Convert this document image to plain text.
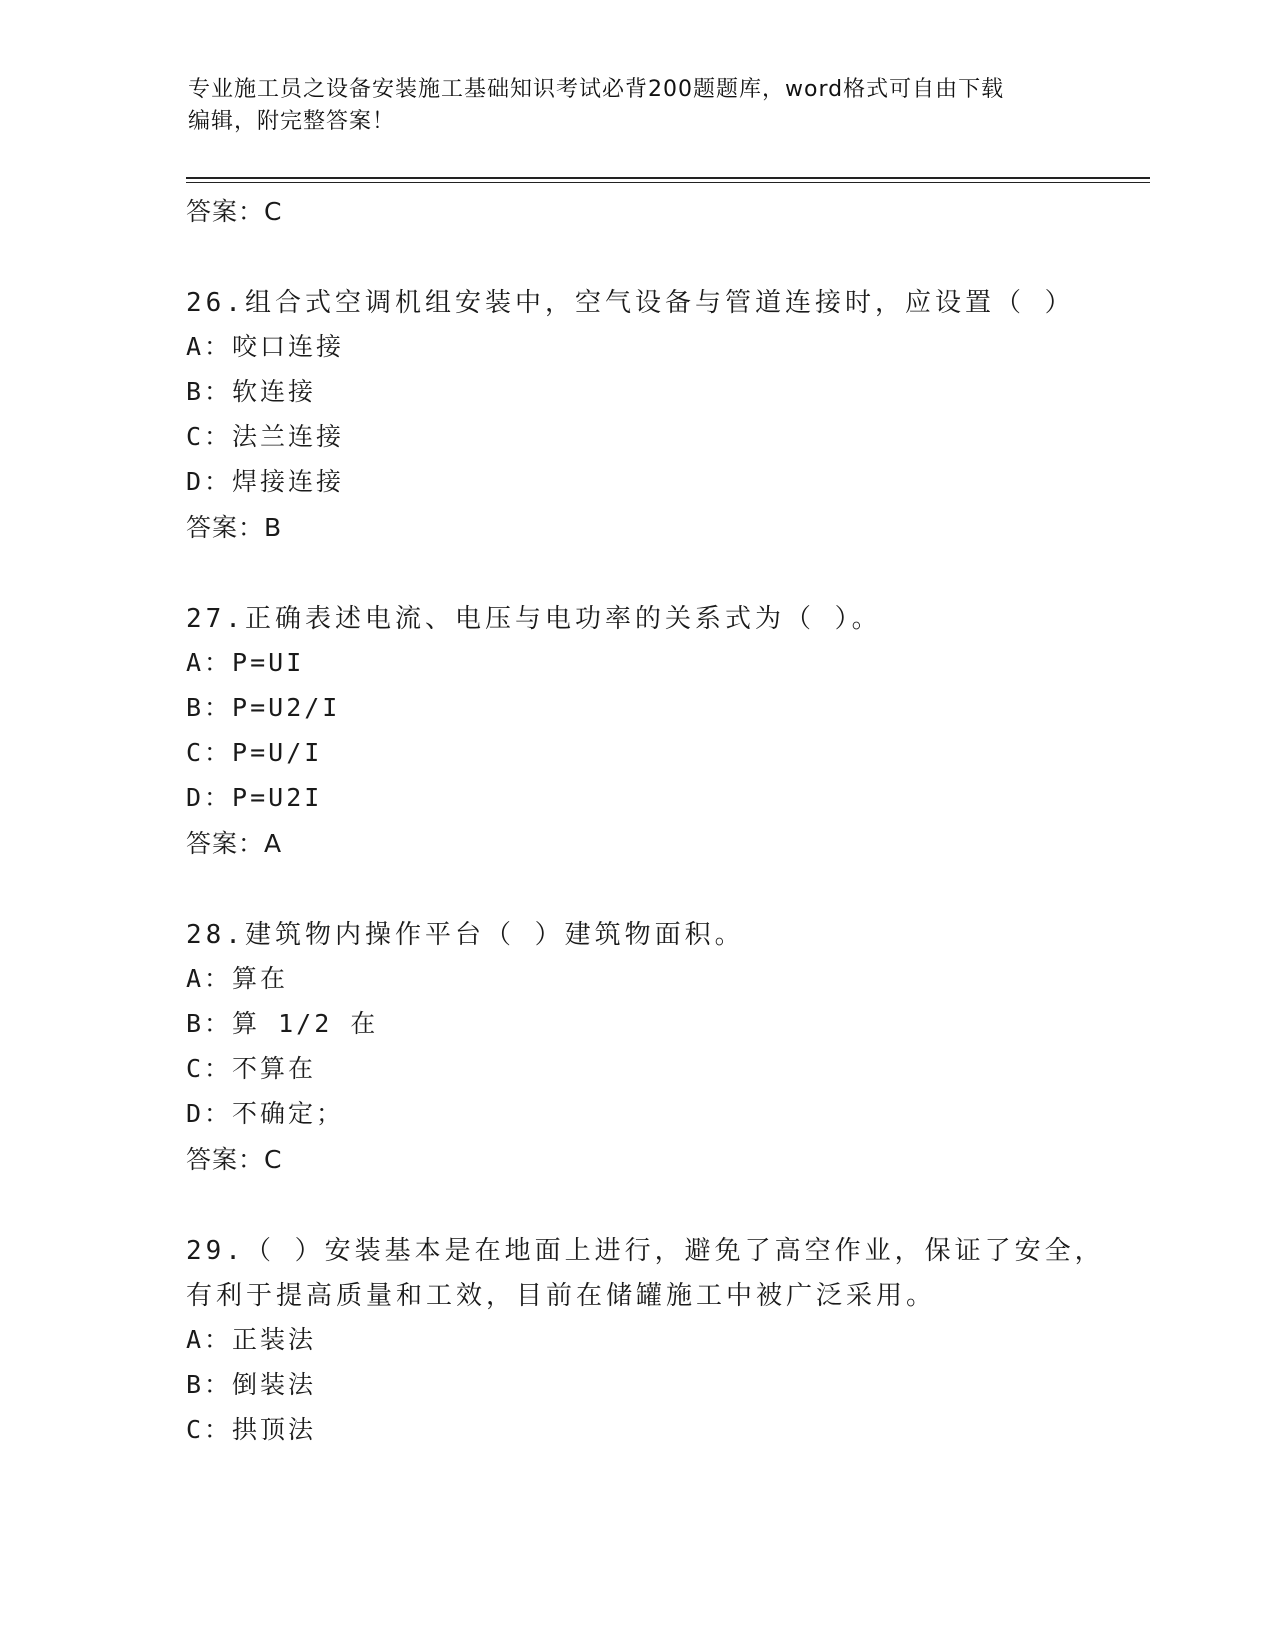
专业施工员之设备安装施工基础知识考试必背200题题库，word格式可自由下载
编辑，附完整答案！
答案：C
26.组合式空调机组安装中，空气设备与管道连接时，应设置（ ）
A：咬口连接
B：软连接
C：法兰连接
D：焊接连接
答案：B
27.正确表述电流、电压与电功率的关系式为（ ）。
A：P=UI
B：P=U2/I
C：P=U/I
D：P=U2I
答案：A
28.建筑物内操作平台（ ）建筑物面积。
A：算在
B：算 1/2 在
C：不算在
D：不确定；
答案：C
29.（ ）安装基本是在地面上进行，避免了高空作业，保证了安全，
有利于提高质量和工效，目前在储罐施工中被广泛采用。
A：正装法
B：倒装法
C：拱顶法
